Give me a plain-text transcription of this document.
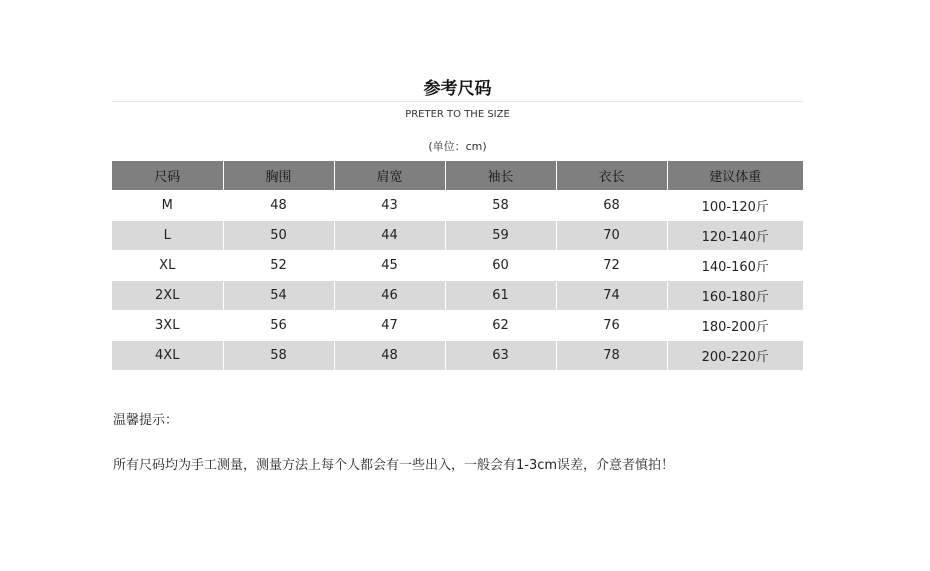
参考尺码
PRETER TO THE SIZE
(单位：cm)
尺码	胸围	肩宽	袖长	衣长	建议体重
M	48	43	58	68	100-120斤
L	50	44	59	70	120-140斤
XL	52	45	60	72	140-160斤
2XL	54	46	61	74	160-180斤
3XL	56	47	62	76	180-200斤
4XL	58	48	63	78	200-220斤
温馨提示：
所有尺码均为手工测量，测量方法上每个人都会有一些出入，一般会有1-3cm误差，介意者慎拍！
